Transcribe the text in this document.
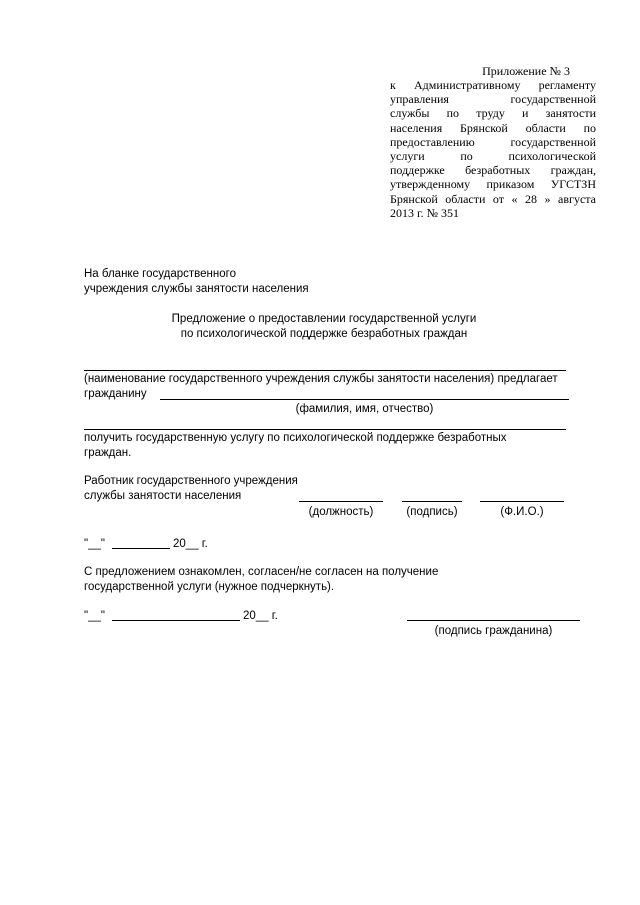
Приложение № 3
к Административному регламенту
управления государственной
службы по труду и занятости
населения Брянской области по
предоставлению государственной
услуги по психологической
поддержке безработных граждан,
утвержденному приказом УГСТЗН
Брянской области от « 28 » августа
2013 г. № 351
На бланке государственного
учреждения службы занятости населения
Предложение о предоставлении государственной услуги
по психологической поддержке безработных граждан
(наименование государственного учреждения службы занятости населения) предлагает
гражданину
(фамилия, имя, отчество)
получить государственную услугу по психологической поддержке безработных
граждан.
Работник государственного учреждения
службы занятости населения
(должность)	(подпись)	(Ф.И.О.)
"__"	20__ г.
С предложением ознакомлен, согласен/не согласен на получение
государственной услуги (нужное подчеркнуть).
"__"	20__ г.
(подпись гражданина)
